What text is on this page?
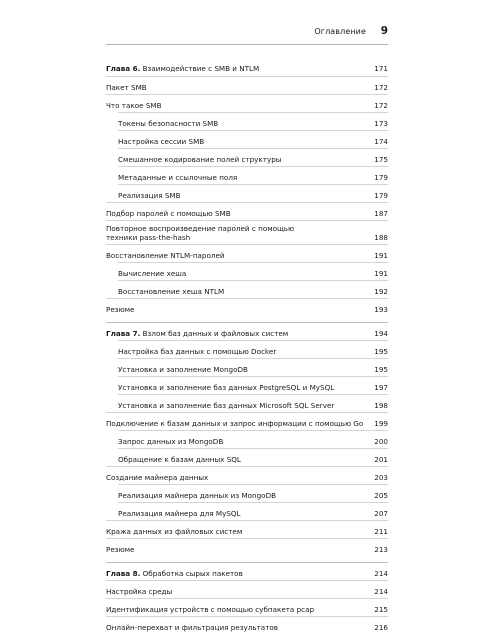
Оглавление 9
Глава 6. Взаимодействие с SMB и NTLM	171
Пакет SMB	172
Что такое SMB	172
Токены безопасности SMB	173
Настройка сессии SMB	174
Смешанное кодирование полей структуры	175
Метаданные и ссылочные поля	179
Реализация SMB	179
Подбор паролей с помощью SMB	187
Повторное воспроизведение паролей с помощью
техники pass-the-hash	188
Восстановление NTLM-паролей	191
Вычисление хеша	191
Восстановление хеша NTLM	192
Резюме	193
Глава 7. Взлом баз данных и файловых систем	194
Настройка баз данных с помощью Docker	195
Установка и заполнение MongoDB	195
Установка и заполнение баз данных PostgreSQL и MySQL	197
Установка и заполнение баз данных Microsoft SQL Server	198
Подключение к базам данных и запрос информации с помощью Go 199
Запрос данных из MongoDB	200
Обращение к базам данных SQL	201
Создание майнера данных	203
Реализация майнера данных из MongoDB	205
Реализация майнера для MySQL	207
Кража данных из файловых систем	211
Резюме	213
Глава 8. Обработка сырых пакетов	214
Настройка среды	214
Идентификация устройств с помощью субпакета pcap	215
Онлайн-перехват и фильтрация результатов	216
